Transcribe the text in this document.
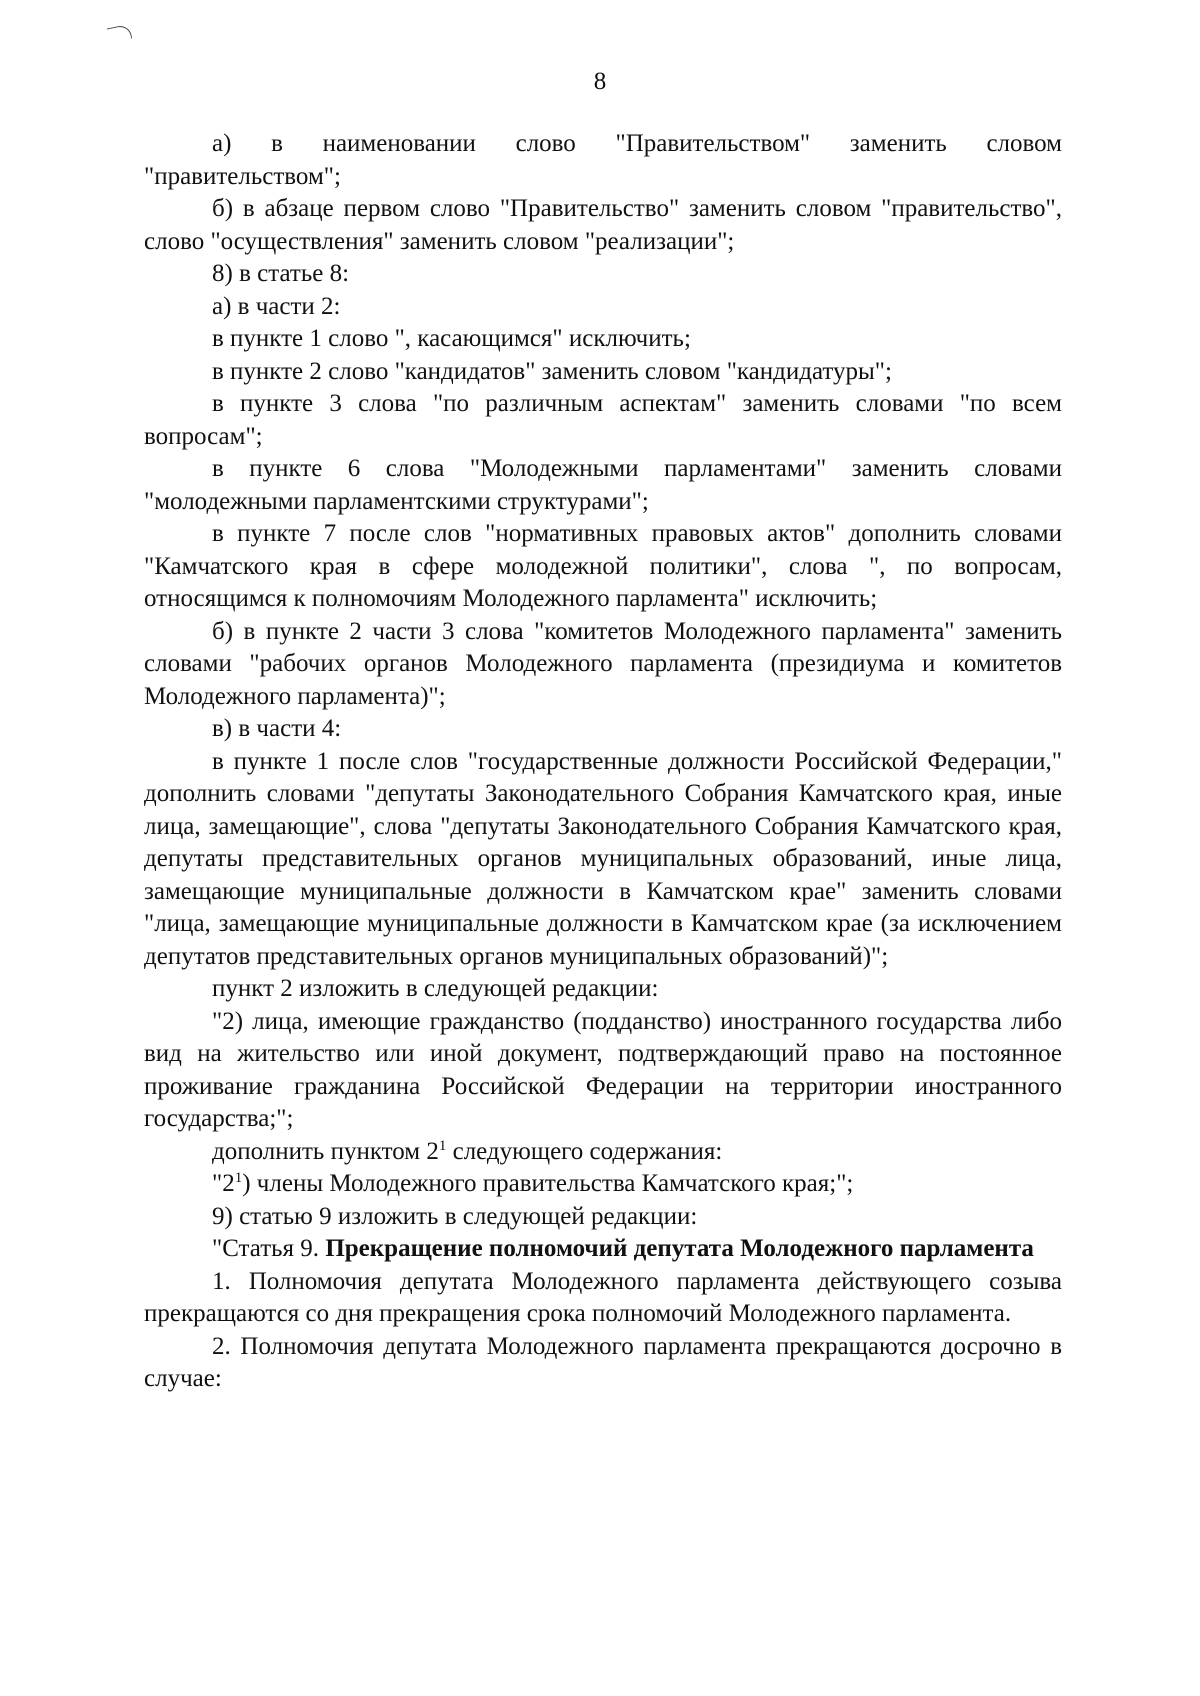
8

а) в наименовании слово "Правительством" заменить словом "правительством";

б) в абзаце первом слово "Правительство" заменить словом "правительство", слово "осуществления" заменить словом "реализации";

8) в статье 8:

а) в части 2:

в пункте 1 слово ", касающимся" исключить;

в пункте 2 слово "кандидатов" заменить словом "кандидатуры";

в пункте 3 слова "по различным аспектам" заменить словами "по всем вопросам";

в пункте 6 слова "Молодежными парламентами" заменить словами "молодежными парламентскими структурами";

в пункте 7 после слов "нормативных правовых актов" дополнить словами "Камчатского края в сфере молодежной политики", слова ", по вопросам, относящимся к полномочиям Молодежного парламента" исключить;

б) в пункте 2 части 3 слова "комитетов Молодежного парламента" заменить словами "рабочих органов Молодежного парламента (президиума и комитетов Молодежного парламента)";

в) в части 4:

в пункте 1 после слов "государственные должности Российской Федерации," дополнить словами "депутаты Законодательного Собрания Камчатского края, иные лица, замещающие", слова "депутаты Законодательного Собрания Камчатского края, депутаты представительных органов муниципальных образований, иные лица, замещающие муниципальные должности в Камчатском крае" заменить словами "лица, замещающие муниципальные должности в Камчатском крае (за исключением депутатов представительных органов муниципальных образований)";

пункт 2 изложить в следующей редакции:

"2) лица, имеющие гражданство (подданство) иностранного государства либо вид на жительство или иной документ, подтверждающий право на постоянное проживание гражданина Российской Федерации на территории иностранного государства;";

дополнить пунктом $2^1$ следующего содержания:

"$2^1$) члены Молодежного правительства Камчатского края;";

9) статью 9 изложить в следующей редакции:

"Статья 9. Прекращение полномочий депутата Молодежного парламента

1. Полномочия депутата Молодежного парламента действующего созыва прекращаются со дня прекращения срока полномочий Молодежного парламента.

2. Полномочия депутата Молодежного парламента прекращаются досрочно в случае:
